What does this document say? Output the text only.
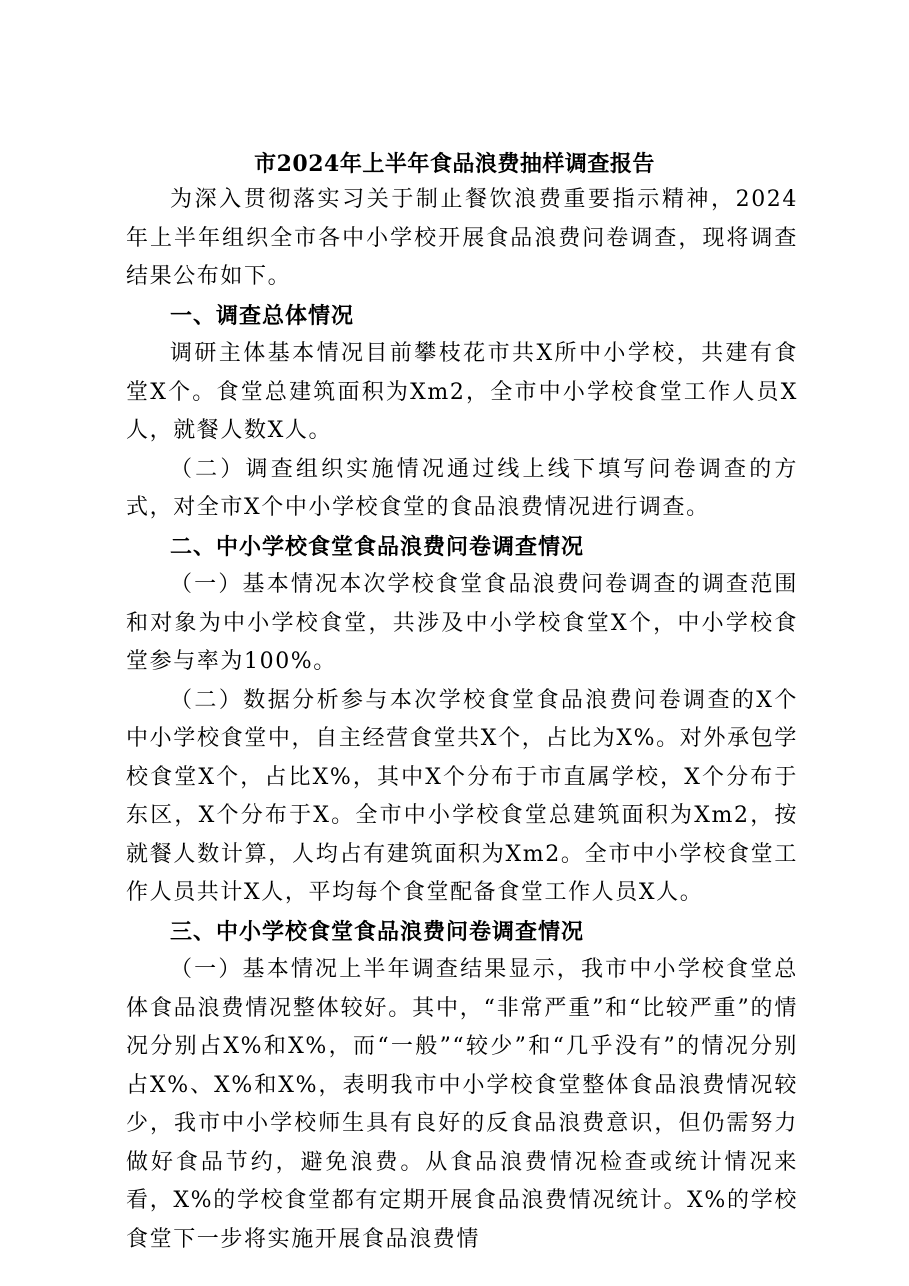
市2024年上半年食品浪费抽样调查报告

为深入贯彻落实习关于制止餐饮浪费重要指示精神，2024年上半年组织全市各中小学校开展食品浪费问卷调查，现将调查结果公布如下。

一、调查总体情况

调研主体基本情况目前攀枝花市共X所中小学校，共建有食堂X个。食堂总建筑面积为Xm2，全市中小学校食堂工作人员X人，就餐人数X人。

（二）调查组织实施情况通过线上线下填写问卷调查的方式，对全市X个中小学校食堂的食品浪费情况进行调查。

二、中小学校食堂食品浪费问卷调查情况

（一）基本情况本次学校食堂食品浪费问卷调查的调查范围和对象为中小学校食堂，共涉及中小学校食堂X个，中小学校食堂参与率为100%。

（二）数据分析参与本次学校食堂食品浪费问卷调查的X个中小学校食堂中，自主经营食堂共X个，占比为X%。对外承包学校食堂X个，占比X%，其中X个分布于市直属学校，X个分布于东区，X个分布于X。全市中小学校食堂总建筑面积为Xm2，按就餐人数计算，人均占有建筑面积为Xm2。全市中小学校食堂工作人员共计X人，平均每个食堂配备食堂工作人员X人。

三、中小学校食堂食品浪费问卷调查情况

（一）基本情况上半年调查结果显示，我市中小学校食堂总体食品浪费情况整体较好。其中，“非常严重”和“比较严重”的情况分别占X%和X%，而“一般”“较少”和“几乎没有”的情况分别占X%、X%和X%，表明我市中小学校食堂整体食品浪费情况较少，我市中小学校师生具有良好的反食品浪费意识，但仍需努力做好食品节约，避免浪费。从食品浪费情况检查或统计情况来看，X%的学校食堂都有定期开展食品浪费情况统计。X%的学校食堂下一步将实施开展食品浪费情
